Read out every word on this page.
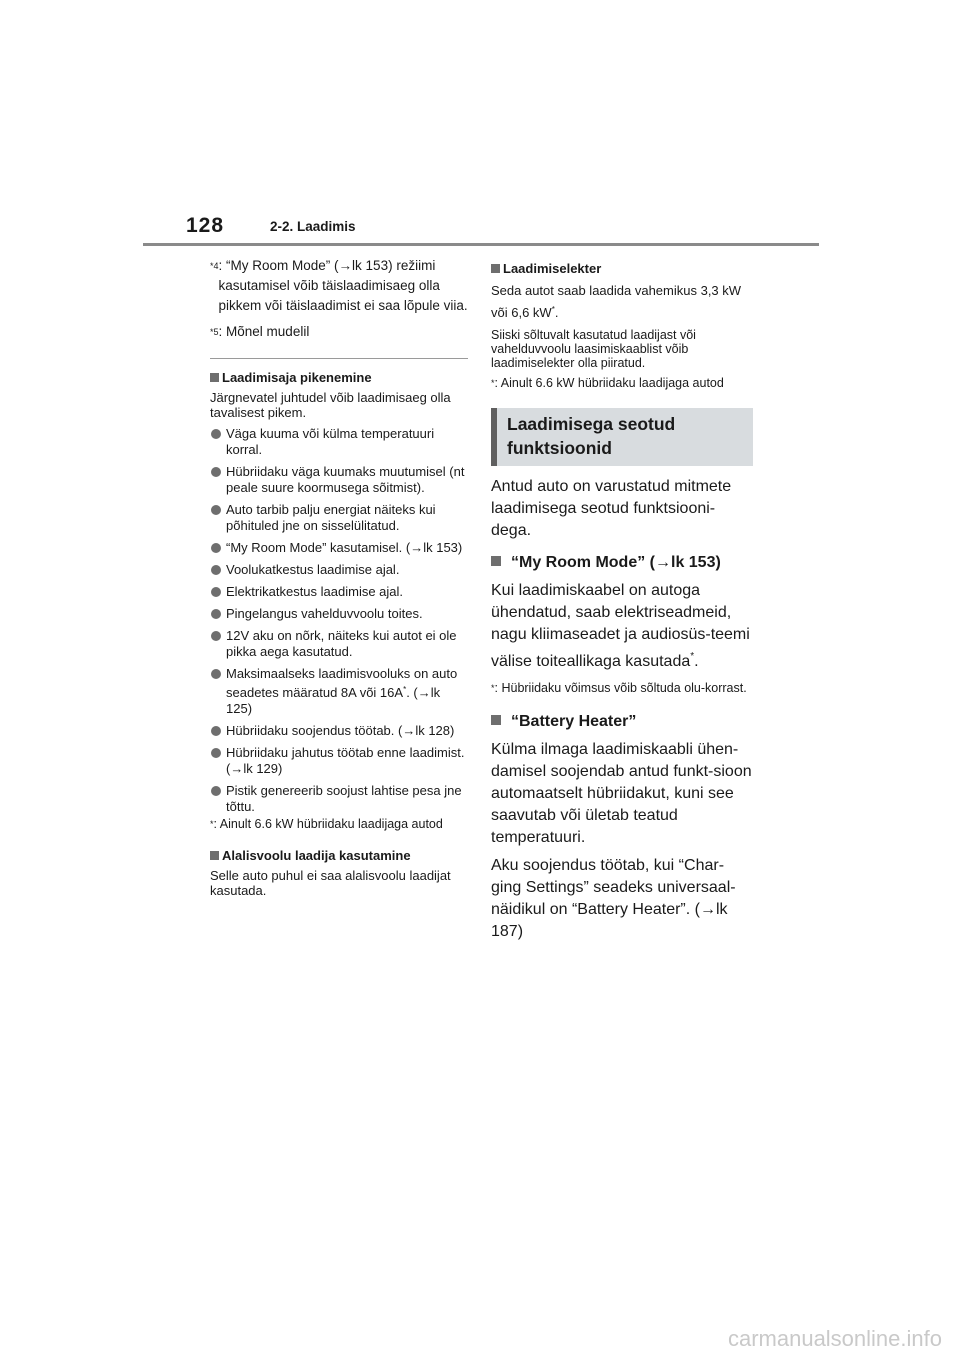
128	2-2. Laadimis
$^{*4}$ : “My Room Mode” (→lk 153) režiimi kasutamisel võib täislaadimisaeg olla pikkem või täislaadimist ei saa lõpule viia.
$^{*5}$ : Mõnel mudelil
Laadimisaja pikenemine

Järgnevatel juhtudel võib laadimisaeg olla tavalisest pikem.

Väga kuuma või külma temperatuuri korral.
Hübriidaku väga kuumaks muutumisel (nt peale suure koormusega sõitmist).
Auto tarbib palju energiat näiteks kui põhituled jne on sisselülitatud.
“My Room Mode” kasutamisel. (→lk 153)
Voolukatkestus laadimise ajal.
Elektrikatkestus laadimise ajal.
Pingelangus vahelduvvoolu toites.
12V aku on nõrk, näiteks kui autot ei ole pikka aega kasutatud.
Maksimaalseks laadimisvooluks on auto seadetes määratud 8A või 16A*. (→lk 125)
Hübriidaku soojendus töötab. (→lk 128)
Hübriidaku jahutus töötab enne laadimist. (→lk 129)
Pistik genereerib soojust lahtise pesa jne tõttu.
* : Ainult 6.6 kW hübriidaku laadijaga autod
Alalisvoolu laadija kasutamine

Selle auto puhul ei saa alalisvoolu laadijat kasutada.

Laadimiselekter

Seda autot saab laadida vahemikus 3,3 kW või 6,6 kW*.

Siiski sõltuvalt kasutatud laadijast või vahelduvvoolu laasimiskaablist võib laadimiselekter olla piiratud.

* : Ainult 6.6 kW hübriidaku laadijaga autod
Laadimisega seotud
funktsioonid

Antud auto on varustatud mitmete laadimisega seotud funktsiooni-dega.

“My Room Mode” (→lk 153)

Kui laadimiskaabel on autoga ühendatud, saab elektriseadmeid, nagu kliimaseadet ja audiosüs-teemi välise toiteallikaga kasutada*.

* : Hübriidaku võimsus võib sõltuda olu-korrast.
“Battery Heater”

Külma ilmaga laadimiskaabli ühen-damisel soojendab antud funkt-sioon automaatselt hübriidakut, kuni see saavutab või ületab teatud temperatuuri.

Aku soojendus töötab, kui “Char-ging Settings” seadeks universaal-näidikul on “Battery Heater”. (→lk 187)

carmanualsonline.info
